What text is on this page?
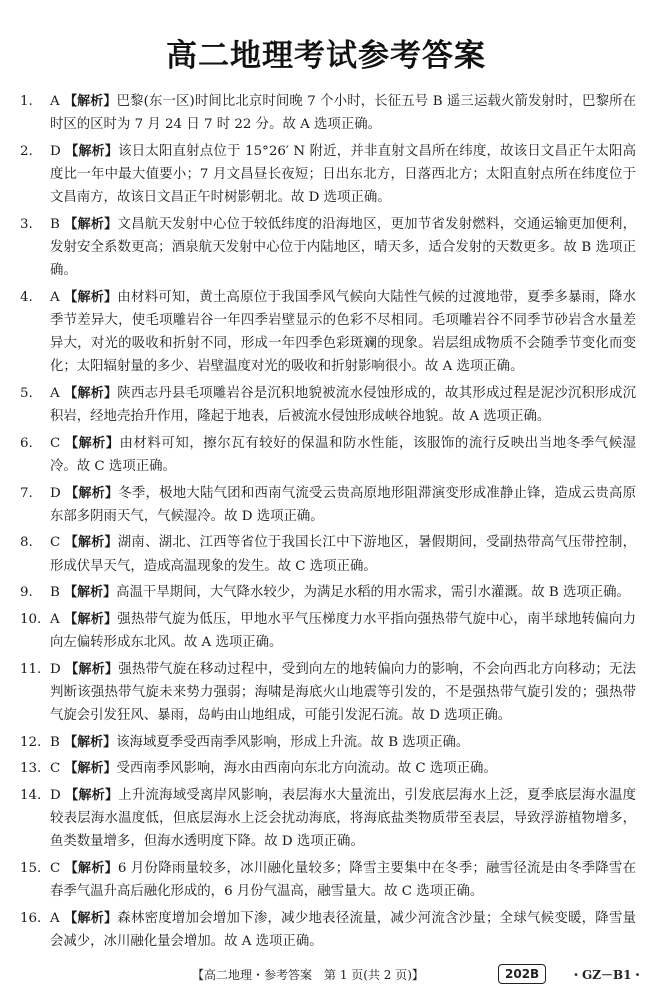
高二地理考试参考答案
1. A 【解析】巴黎(东一区)时间比北京时间晚 7 个小时，长征五号 B 遥三运载火箭发射时，巴黎所在时区的区时为 7 月 24 日 7 时 22 分。故 A 选项正确。
2. D 【解析】该日太阳直射点位于 15°26′ N 附近，并非直射文昌所在纬度，故该日文昌正午太阳高度比一年中最大值要小；7 月文昌昼长夜短；日出东北方，日落西北方；太阳直射点所在纬度位于文昌南方，故该日文昌正午时树影朝北。故 D 选项正确。
3. B 【解析】文昌航天发射中心位于较低纬度的沿海地区，更加节省发射燃料，交通运输更加便利，发射安全系数更高；酒泉航天发射中心位于内陆地区，晴天多，适合发射的天数更多。故 B 选项正确。
4. A 【解析】由材料可知，黄土高原位于我国季风气候向大陆性气候的过渡地带，夏季多暴雨，降水季节差异大，使毛项雕岩谷一年四季岩壁显示的色彩不尽相同。毛项雕岩谷不同季节砂岩含水量差异大，对光的吸收和折射不同，形成一年四季色彩斑斓的现象。岩层组成物质不会随季节变化而变化；太阳辐射量的多少、岩壁温度对光的吸收和折射影响很小。故 A 选项正确。
5. A 【解析】陕西志丹县毛项雕岩谷是沉积地貌被流水侵蚀形成的，故其形成过程是泥沙沉积形成沉积岩，经地壳抬升作用，隆起于地表，后被流水侵蚀形成峡谷地貌。故 A 选项正确。
6. C 【解析】由材料可知，擦尔瓦有较好的保温和防水性能，该服饰的流行反映出当地冬季气候湿冷。故 C 选项正确。
7. D 【解析】冬季，极地大陆气团和西南气流受云贵高原地形阻滞演变形成准静止锋，造成云贵高原东部多阴雨天气，气候湿冷。故 D 选项正确。
8. C 【解析】湖南、湖北、江西等省位于我国长江中下游地区，暑假期间，受副热带高气压带控制，形成伏旱天气，造成高温现象的发生。故 C 选项正确。
9. B 【解析】高温干旱期间，大气降水较少，为满足水稻的用水需求，需引水灌溉。故 B 选项正确。
10. A 【解析】强热带气旋为低压，甲地水平气压梯度力水平指向强热带气旋中心，南半球地转偏向力向左偏转形成东北风。故 A 选项正确。
11. D 【解析】强热带气旋在移动过程中，受到向左的地转偏向力的影响，不会向西北方向移动；无法判断该强热带气旋未来势力强弱；海啸是海底火山地震等引发的，不是强热带气旋引发的；强热带气旋会引发狂风、暴雨，岛屿由山地组成，可能引发泥石流。故 D 选项正确。
12. B 【解析】该海域夏季受西南季风影响，形成上升流。故 B 选项正确。
13. C 【解析】受西南季风影响，海水由西南向东北方向流动。故 C 选项正确。
14. D 【解析】上升流海域受离岸风影响，表层海水大量流出，引发底层海水上泛，夏季底层海水温度较表层海水温度低，但底层海水上泛会扰动海底，将海底盐类物质带至表层，导致浮游植物增多，鱼类数量增多，但海水透明度下降。故 D 选项正确。
15. C 【解析】6 月份降雨量较多，冰川融化量较多；降雪主要集中在冬季；融雪径流是由冬季降雪在春季气温升高后融化形成的，6 月份气温高，融雪量大。故 C 选项正确。
16. A 【解析】森林密度增加会增加下渗，减少地表径流量，减少河流含沙量；全球气候变暖，降雪量会减少，冰川融化量会增加。故 A 选项正确。
【高二地理・参考答案　第 1 页(共 2 页)】	202B	・GZ－B1・
